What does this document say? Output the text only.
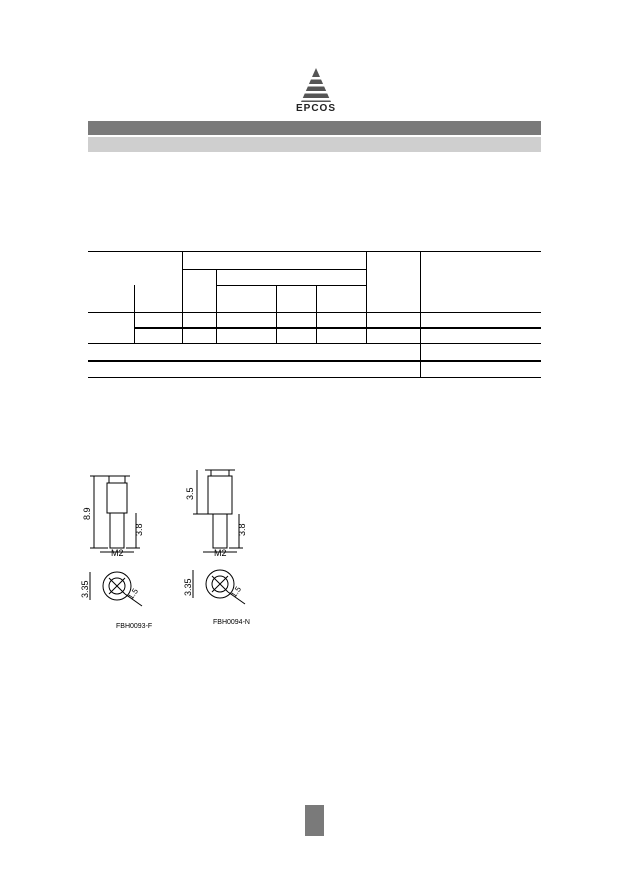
EPCOS
8.9
3.8
M2
3.35	1.5
FBH0093-F
3.5
3.8
M2
3.35	1.5
FBH0094-N
